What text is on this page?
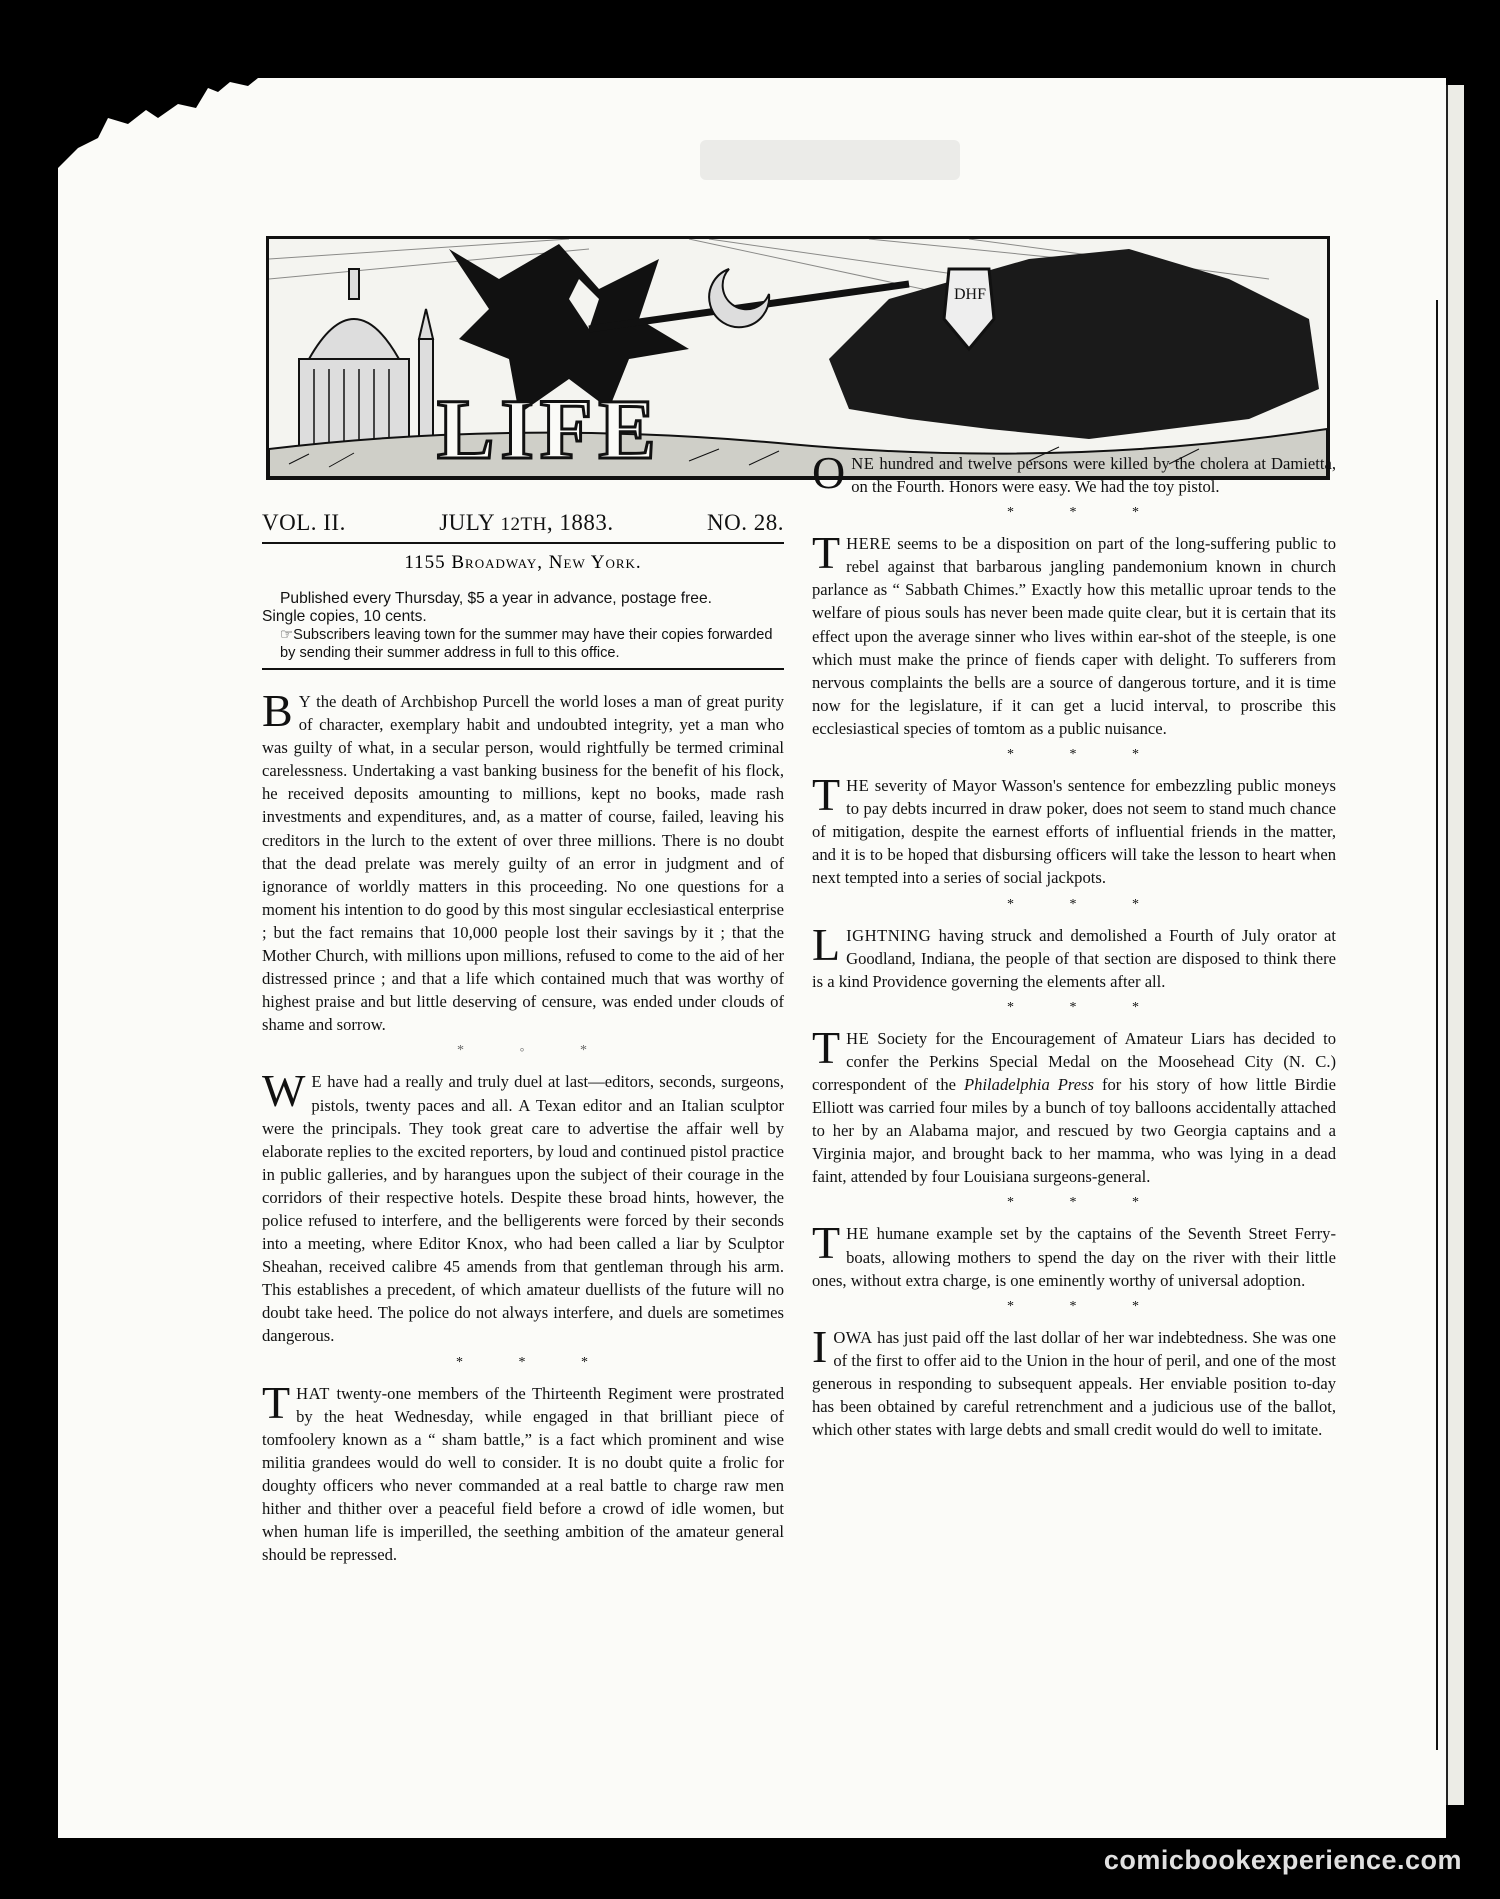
DHF
LIFE
VOL. II.	JULY 12TH, 1883.	NO. 28.
1155 Broadway, New York.

Published every Thursday, $5 a year in advance, postage free.

Single copies, 10 cents.

☞Subscribers leaving town for the summer may have their copies forwarded by sending their summer address in full to this office.

B Y the death of Archbishop Purcell the world loses a man of great purity of character, exemplary habit and undoubted integrity, yet a man who was guilty of what, in a secular person, would rightfully be termed criminal carelessness. Undertaking a vast banking business for the benefit of his flock, he received deposits amounting to millions, kept no books, made rash investments and expenditures, and, as a matter of course, failed, leaving his creditors in the lurch to the extent of over three millions. There is no doubt that the dead prelate was merely guilty of an error in judgment and of ignorance of worldly matters in this proceeding. No one questions for a moment his intention to do good by this most singular ecclesiastical enterprise ; but the fact remains that 10,000 people lost their savings by it ; that the Mother Church, with millions upon millions, refused to come to the aid of her distressed prince ; and that a life which contained much that was worthy of highest praise and but little deserving of censure, was ended under clouds of shame and sorrow.

* ◦ *

W E have had a really and truly duel at last—editors, seconds, surgeons, pistols, twenty paces and all. A Texan editor and an Italian sculptor were the principals. They took great care to advertise the affair well by elaborate replies to the excited reporters, by loud and continued pistol practice in public galleries, and by harangues upon the subject of their courage in the corridors of their respective hotels. Despite these broad hints, however, the police refused to interfere, and the belligerents were forced by their seconds into a meeting, where Editor Knox, who had been called a liar by Sculptor Sheahan, received calibre 45 amends from that gentleman through his arm. This establishes a precedent, of which amateur duellists of the future will no doubt take heed. The police do not always interfere, and duels are sometimes dangerous.

* * *

THAT twenty-one members of the Thirteenth Regiment were prostrated by the heat Wednesday, while engaged in that brilliant piece of tomfoolery known as a “ sham battle,” is a fact which prominent and wise militia grandees would do well to consider. It is no doubt quite a frolic for doughty officers who never commanded at a real battle to charge raw men hither and thither over a peaceful field before a crowd of idle women, but when human life is imperilled, the seething ambition of the amateur general should be repressed.

ONE hundred and twelve persons were killed by the cholera at Damietta, on the Fourth. Honors were easy. We had the toy pistol.

* * *

THERE seems to be a disposition on part of the long-suffering public to rebel against that barbarous jangling pandemonium known in church parlance as “ Sabbath Chimes.” Exactly how this metallic uproar tends to the welfare of pious souls has never been made quite clear, but it is certain that its effect upon the average sinner who lives within ear-shot of the steeple, is one which must make the prince of fiends caper with delight. To sufferers from nervous complaints the bells are a source of dangerous torture, and it is time now for the legislature, if it can get a lucid interval, to proscribe this ecclesiastical species of tomtom as a public nuisance.

* * *

THE severity of Mayor Wasson's sentence for embezzling public moneys to pay debts incurred in draw poker, does not seem to stand much chance of mitigation, despite the earnest efforts of influential friends in the matter, and it is to be hoped that disbursing officers will take the lesson to heart when next tempted into a series of social jackpots.

* * *

LIGHTNING having struck and demolished a Fourth of July orator at Goodland, Indiana, the people of that section are disposed to think there is a kind Providence governing the elements after all.

* * *

THE Society for the Encouragement of Amateur Liars has decided to confer the Perkins Special Medal on the Moosehead City (N. C.) correspondent of the Philadelphia Press for his story of how little Birdie Elliott was carried four miles by a bunch of toy balloons accidentally attached to her by an Alabama major, and rescued by two Georgia captains and a Virginia major, and brought back to her mamma, who was lying in a dead faint, attended by four Louisiana surgeons-general.

* * *

THE humane example set by the captains of the Seventh Street Ferry-boats, allowing mothers to spend the day on the river with their little ones, without extra charge, is one eminently worthy of universal adoption.

* * *

IOWA has just paid off the last dollar of her war indebtedness. She was one of the first to offer aid to the Union in the hour of peril, and one of the most generous in responding to subsequent appeals. Her enviable position to-day has been obtained by careful retrenchment and a judicious use of the ballot, which other states with large debts and small credit would do well to imitate.

comicbookexperience.com
